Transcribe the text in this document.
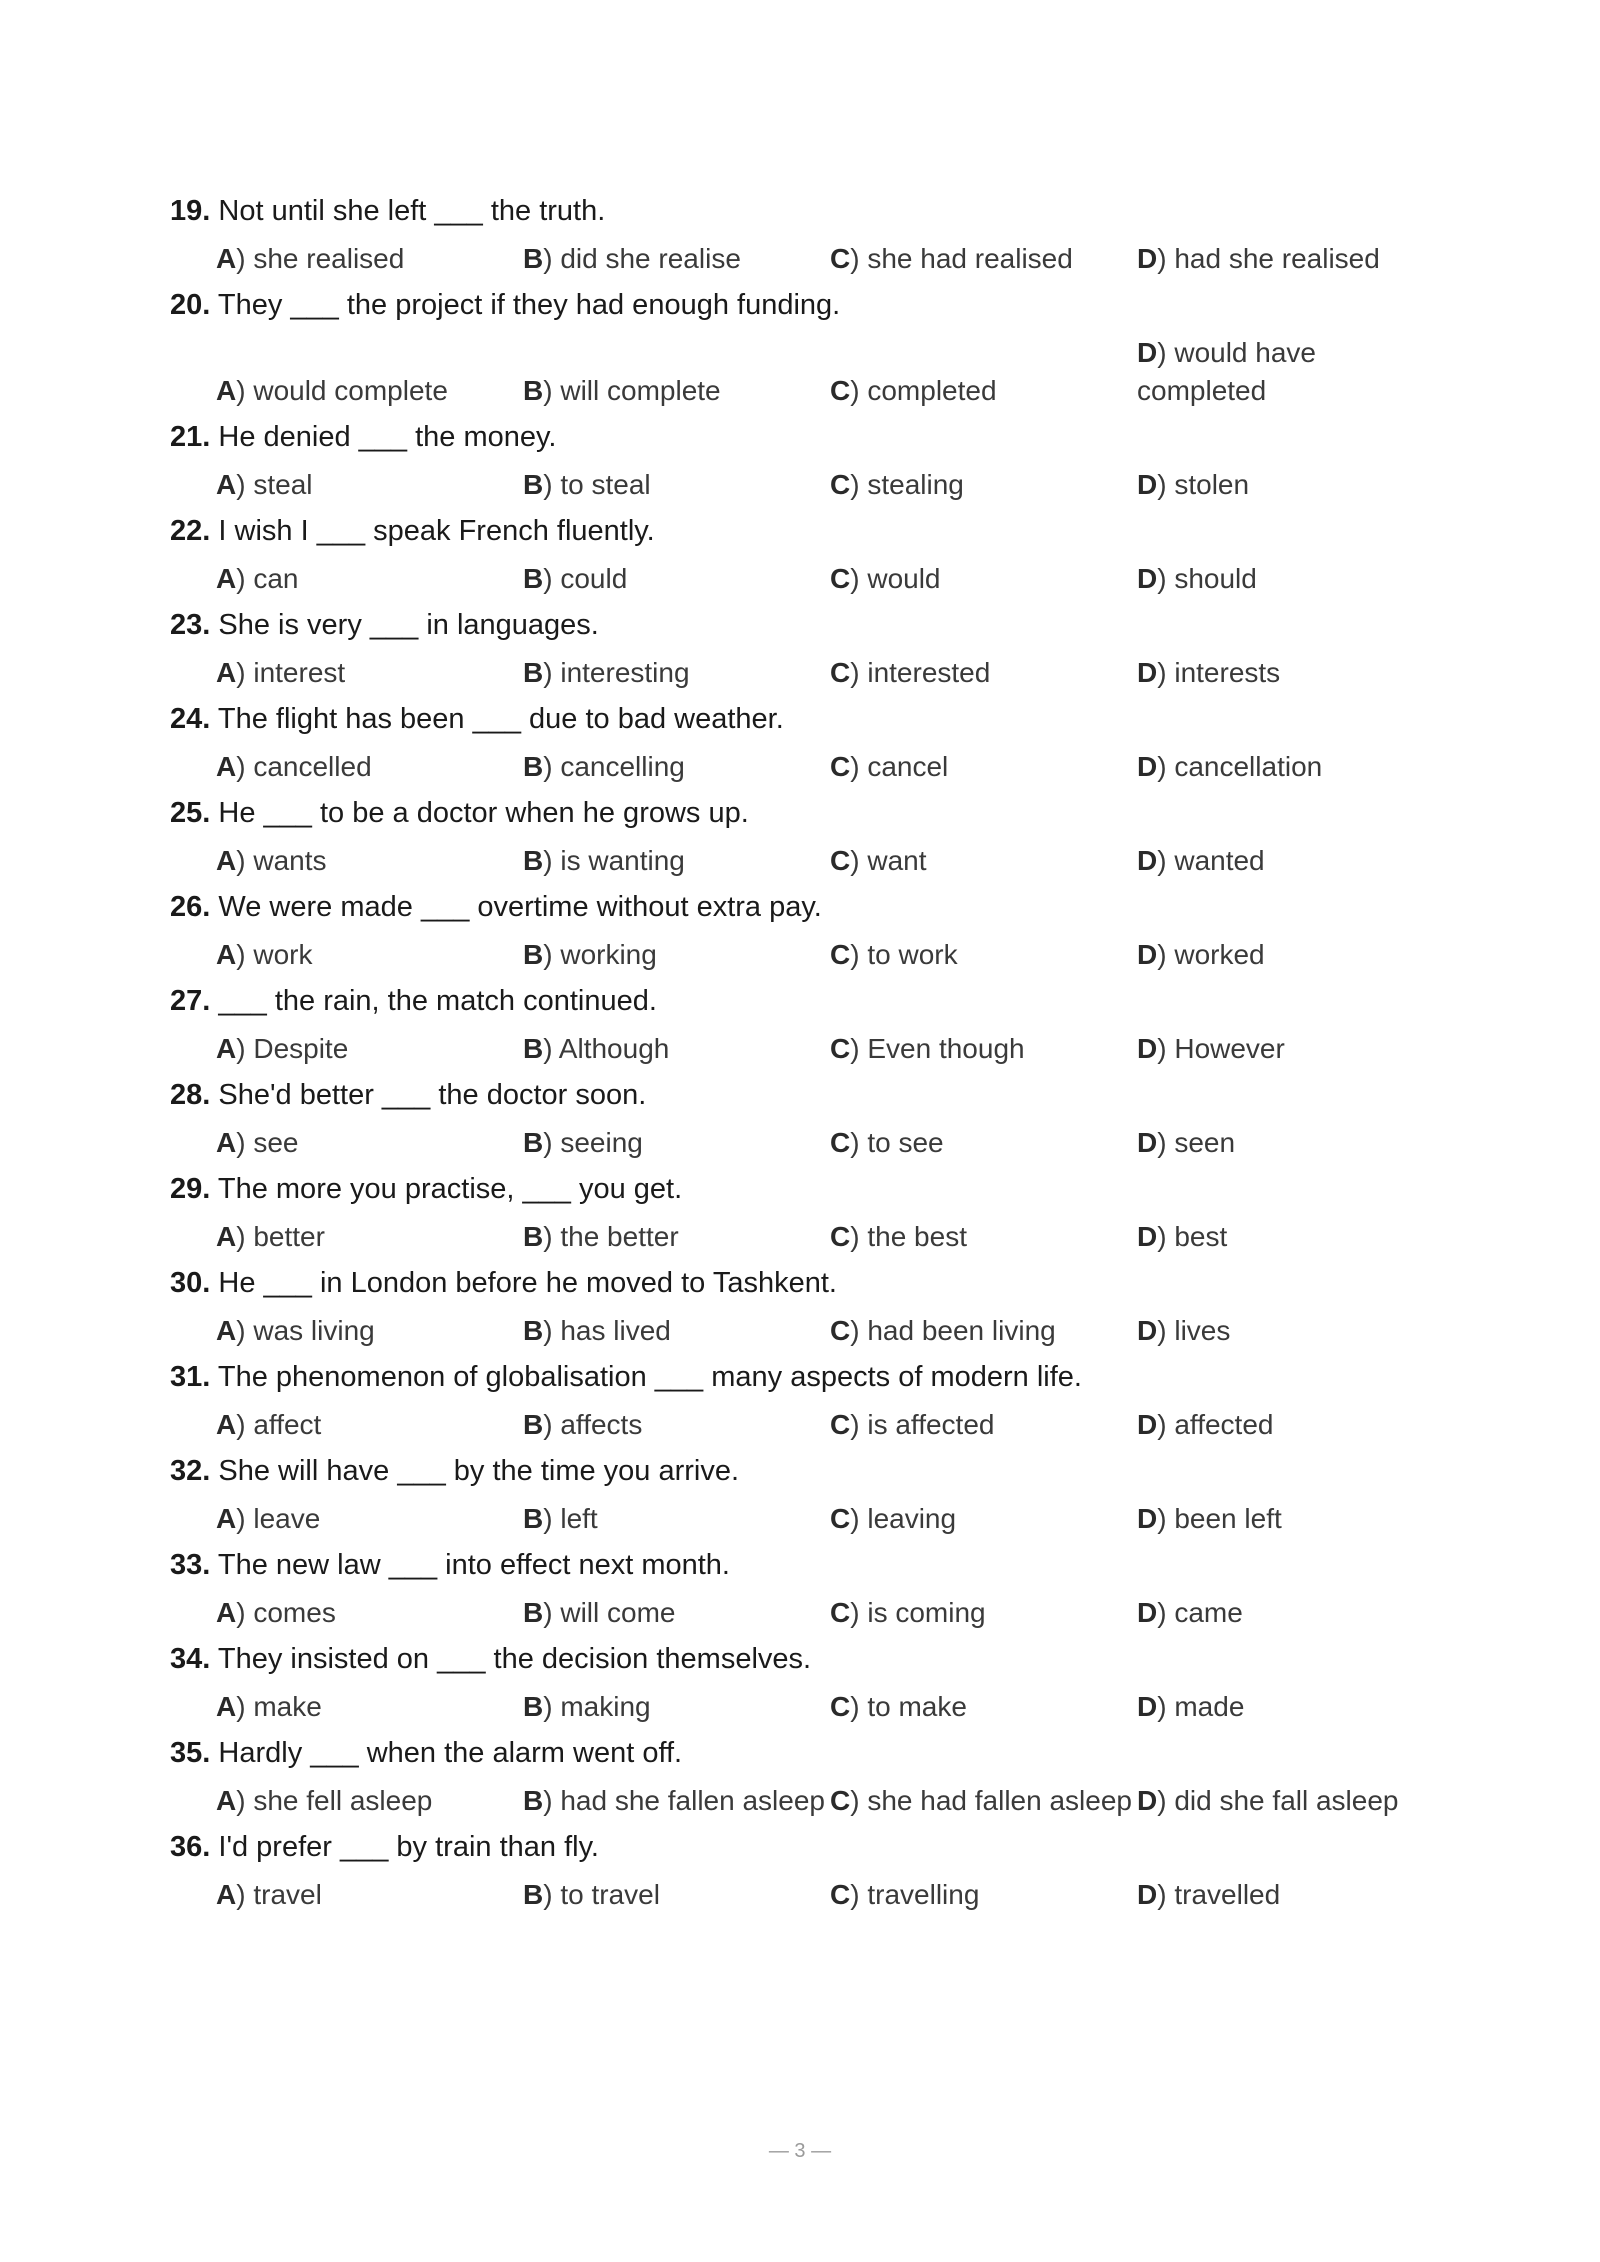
19. Not until she left ___ the truth.
A) she realised	B) did she realise	C) she had realised	D) had she realised
20. They ___ the project if they had enough funding.
A) would complete	B) will complete	C) completed
D) would have completed
21. He denied ___ the money.
A) steal	B) to steal	C) stealing	D) stolen
22. I wish I ___ speak French fluently.
A) can	B) could	C) would	D) should
23. She is very ___ in languages.
A) interest	B) interesting	C) interested	D) interests
24. The flight has been ___ due to bad weather.
A) cancelled	B) cancelling	C) cancel	D) cancellation
25. He ___ to be a doctor when he grows up.
A) wants	B) is wanting	C) want	D) wanted
26. We were made ___ overtime without extra pay.
A) work	B) working	C) to work	D) worked
27. ___ the rain, the match continued.
A) Despite	B) Although	C) Even though	D) However
28. She'd better ___ the doctor soon.
A) see	B) seeing	C) to see	D) seen
29. The more you practise, ___ you get.
A) better	B) the better	C) the best	D) best
30. He ___ in London before he moved to Tashkent.
A) was living	B) has lived	C) had been living	D) lives
31. The phenomenon of globalisation ___ many aspects of modern life.
A) affect	B) affects	C) is affected	D) affected
32. She will have ___ by the time you arrive.
A) leave	B) left	C) leaving	D) been left
33. The new law ___ into effect next month.
A) comes	B) will come	C) is coming	D) came
34. They insisted on ___ the decision themselves.
A) make	B) making	C) to make	D) made
35. Hardly ___ when the alarm went off.
A) she fell asleep	B) had she fallen asleep C) she had fallen asleep D) did she fall asleep
36. I'd prefer ___ by train than fly.
A) travel	B) to travel	C) travelling	D) travelled
— 3 —
